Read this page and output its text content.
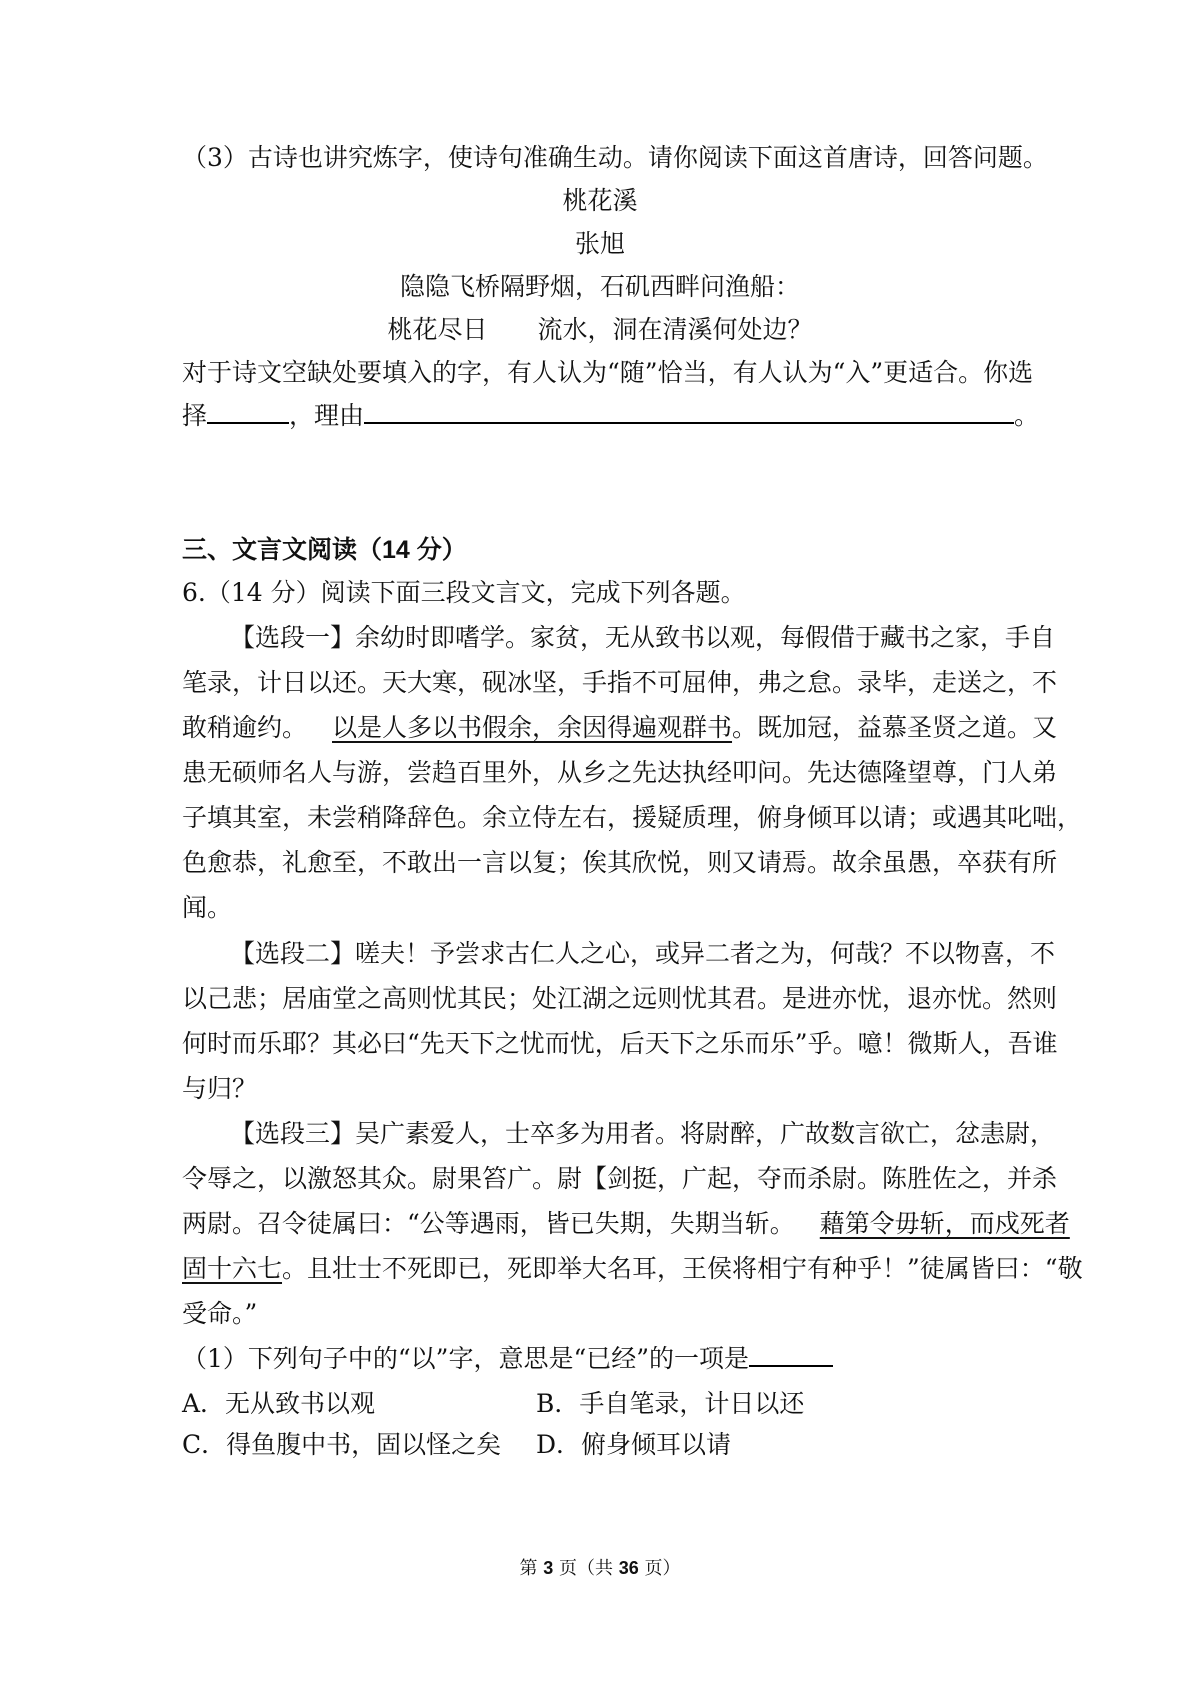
（3）古诗也讲究炼字，使诗句准确生动。请你阅读下面这首唐诗，回答问题。
桃花溪
张旭
隐隐飞桥隔野烟，石矶西畔问渔船：
桃花尽日 流水，洞在清溪何处边？
对于诗文空缺处要填入的字，有人认为“随”恰当，有人认为“入”更适合。你选
择	，理由	。
三、文言文阅读（14 分）
6.（14 分）阅读下面三段文言文，完成下列各题。
【选段一】余幼时即嗜学。家贫，无从致书以观，每假借于藏书之家，手自
笔录，计日以还。天大寒，砚冰坚，手指不可屈伸，弗之怠。录毕，走送之，不
敢稍逾约。  以是人多以书假余，余因得遍观群书。既加冠，益慕圣贤之道。又
患无硕师名人与游，尝趋百里外，从乡之先达执经叩问。先达德隆望尊，门人弟
子填其室，未尝稍降辞色。余立侍左右，援疑质理，俯身倾耳以请；或遇其叱咄，
色愈恭，礼愈至，不敢出一言以复；俟其欣悦，则又请焉。故余虽愚，卒获有所
闻。
【选段二】嗟夫！予尝求古仁人之心，或异二者之为，何哉？不以物喜，不
以己悲；居庙堂之高则忧其民；处江湖之远则忧其君。是进亦忧，退亦忧。然则
何时而乐耶？其必曰“先天下之忧而忧，后天下之乐而乐”乎。噫！微斯人，吾谁
与归？
【选段三】吴广素爱人，士卒多为用者。将尉醉，广故数言欲亡，忿恚尉，
令辱之，以激怒其众。尉果笞广。尉【剑挺，广起，夺而杀尉。陈胜佐之，并杀
两尉。召令徒属曰：“公等遇雨，皆已失期，失期当斩。  藉第令毋斩，而戍死者
固十六七。且壮士不死即已，死即举大名耳，王侯将相宁有种乎！”徒属皆曰：“敬
受命。”
（1）下列句子中的“以”字，意思是“已经”的一项是
A．无从致书以观	B．手自笔录，计日以还
C．得鱼腹中书，固以怪之矣 D．俯身倾耳以请
第 3 页（共 36 页）
